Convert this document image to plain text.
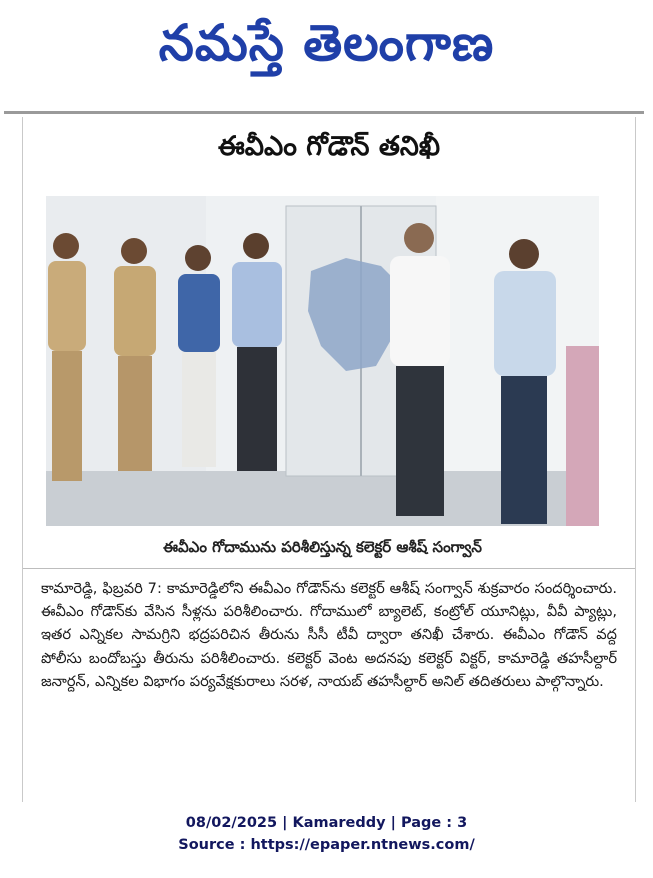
నమస్తే తెలంగాణ
ఈవీఎం గోడౌన్ తనిఖీ
ఈవీఎం గోదామును పరిశీలిస్తున్న కలెక్టర్ ఆశీష్ సంగ్వాన్

కామారెడ్డి, ఫిబ్రవరి 7: కామారెడ్డిలోని ఈవీఎం గోడౌన్‌ను కలెక్టర్ ఆశీష్ సంగ్వాన్ శుక్రవారం సందర్శించారు. ఈవీఎం గోడౌన్‌కు వేసిన సీళ్లను పరిశీలించారు. గోదాములో బ్యాలెట్, కంట్రోల్ యూనిట్లు, వీవీ ప్యాట్లు, ఇతర ఎన్నికల సామగ్రిని భద్రపరిచిన తీరును సీసీ టీవీ ద్వారా తనిఖీ చేశారు. ఈవీఎం గోడౌన్ వద్ద పోలీసు బందోబస్తు తీరును పరిశీలించారు. కలెక్టర్ వెంట అదనపు కలెక్టర్ విక్టర్, కామారెడ్డి తహసీల్దార్ జనార్దన్, ఎన్నికల విభాగం పర్యవేక్షకురాలు సరళ, నాయబ్ తహసీల్దార్ అనిల్ తదితరులు పాల్గొన్నారు.

08/02/2025 | Kamareddy | Page : 3
Source : https://epaper.ntnews.com/
